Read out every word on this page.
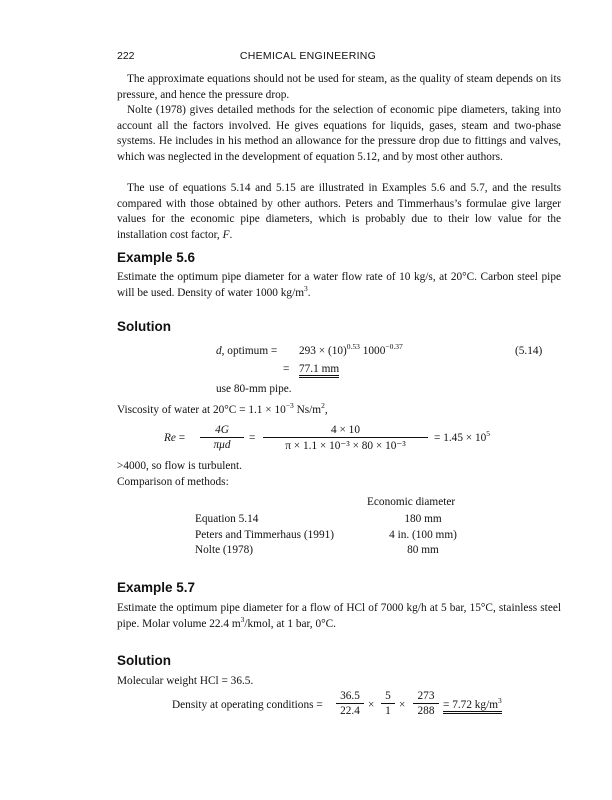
222	CHEMICAL ENGINEERING
The approximate equations should not be used for steam, as the quality of steam depends on its pressure, and hence the pressure drop.
Nolte (1978) gives detailed methods for the selection of economic pipe diameters, taking into account all the factors involved. He gives equations for liquids, gases, steam and two-phase systems. He includes in his method an allowance for the pressure drop due to fittings and valves, which was neglected in the development of equation 5.12, and by most other authors.
The use of equations 5.14 and 5.15 are illustrated in Examples 5.6 and 5.7, and the results compared with those obtained by other authors. Peters and Timmerhaus’s formulae give larger values for the economic pipe diameters, which is probably due to their low value for the installation cost factor, F.
Example 5.6
Estimate the optimum pipe diameter for a water flow rate of 10 kg/s, at 20°C. Carbon steel pipe will be used. Density of water 1000 $kg/m^3$.
Solution
d, optimum = $293 \times (10)^{0.53}$ $1000^{-0.37}$	(5.14)
= 77.1 mm
use 80-mm pipe.
Viscosity of water at $20^\circ C = 1.1 \times 10^{-3}$ $Ns/m^2$,
Re =
4G
πμd
= $\frac{4 \times 10}{\text{π × 1.1 × 10⁻³ × 80 × 10⁻³}} = 1.45 \times 10^5$
>4000, so flow is turbulent.
Comparison of methods:
Economic diameter
Equation 5.14	180 mm
Peters and Timmerhaus (1991)	4 in. (100 mm)
Nolte (1978)	80 mm
Example 5.7
Estimate the optimum pipe diameter for a flow of HCl of 7000 kg/h at 5 bar, 15°C, stainless steel pipe. Molar volume 22.4 $m^3$/kmol, at 1 bar, 0°C.
Solution
Molecular weight HCl = 36.5.
Density at operating conditions = $\frac{36.5}{22.4} \times \frac{5}{1} \times \frac{273}{288} = 7.72$ $kg/m^3$
